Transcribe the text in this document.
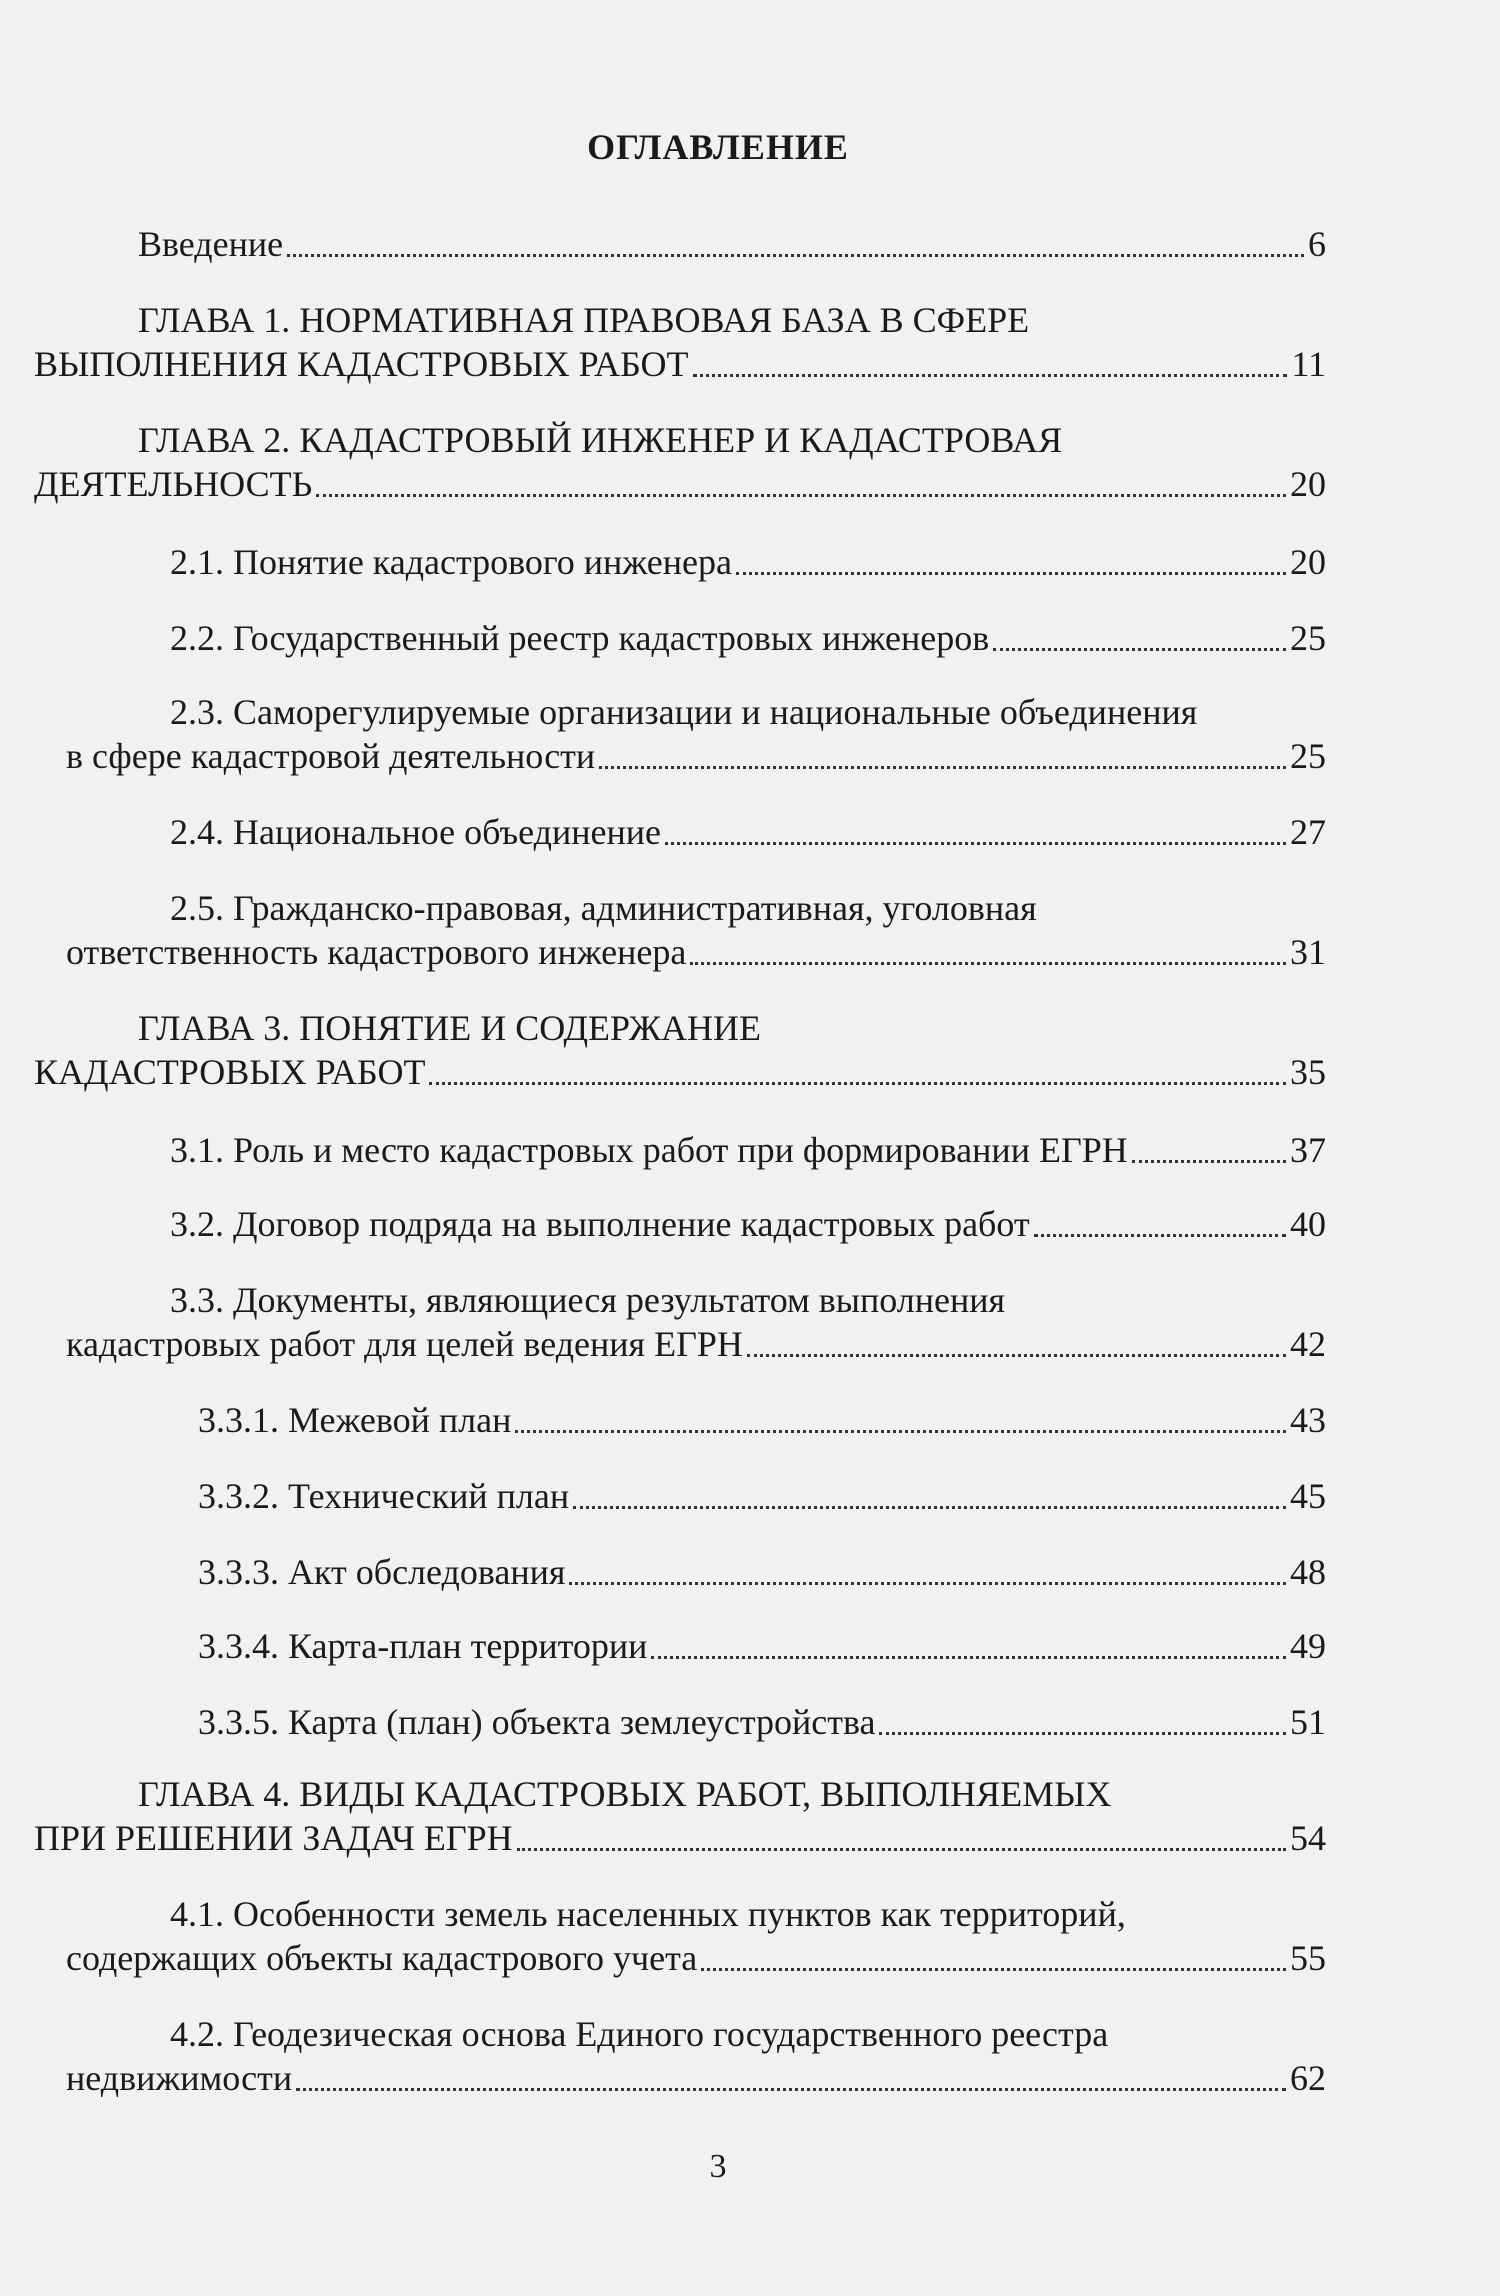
ОГЛАВЛЕНИЕ
Введение	6
ГЛАВА 1. НОРМАТИВНАЯ ПРАВОВАЯ БАЗА В СФЕРЕ
ВЫПОЛНЕНИЯ КАДАСТРОВЫХ РАБОТ	11
ГЛАВА 2. КАДАСТРОВЫЙ ИНЖЕНЕР И КАДАСТРОВАЯ
ДЕЯТЕЛЬНОСТЬ	20
2.1. Понятие кадастрового инженера	20
2.2. Государственный реестр кадастровых инженеров	25
2.3. Саморегулируемые организации и национальные объединения
в сфере кадастровой деятельности	25
2.4. Национальное объединение	27
2.5. Гражданско-правовая, административная, уголовная
ответственность кадастрового инженера	31
ГЛАВА 3. ПОНЯТИЕ И СОДЕРЖАНИЕ
КАДАСТРОВЫХ РАБОТ	35
3.1. Роль и место кадастровых работ при формировании ЕГРН	37
3.2. Договор подряда на выполнение кадастровых работ	40
3.3. Документы, являющиеся результатом выполнения
кадастровых работ для целей ведения ЕГРН	42
3.3.1. Межевой план	43
3.3.2. Технический план	45
3.3.3. Акт обследования	48
3.3.4. Карта-план территории	49
3.3.5. Карта (план) объекта землеустройства	51
ГЛАВА 4. ВИДЫ КАДАСТРОВЫХ РАБОТ, ВЫПОЛНЯЕМЫХ
ПРИ РЕШЕНИИ ЗАДАЧ ЕГРН	54
4.1. Особенности земель населенных пунктов как территорий,
содержащих объекты кадастрового учета	55
4.2. Геодезическая основа Единого государственного реестра
недвижимости	62
3
